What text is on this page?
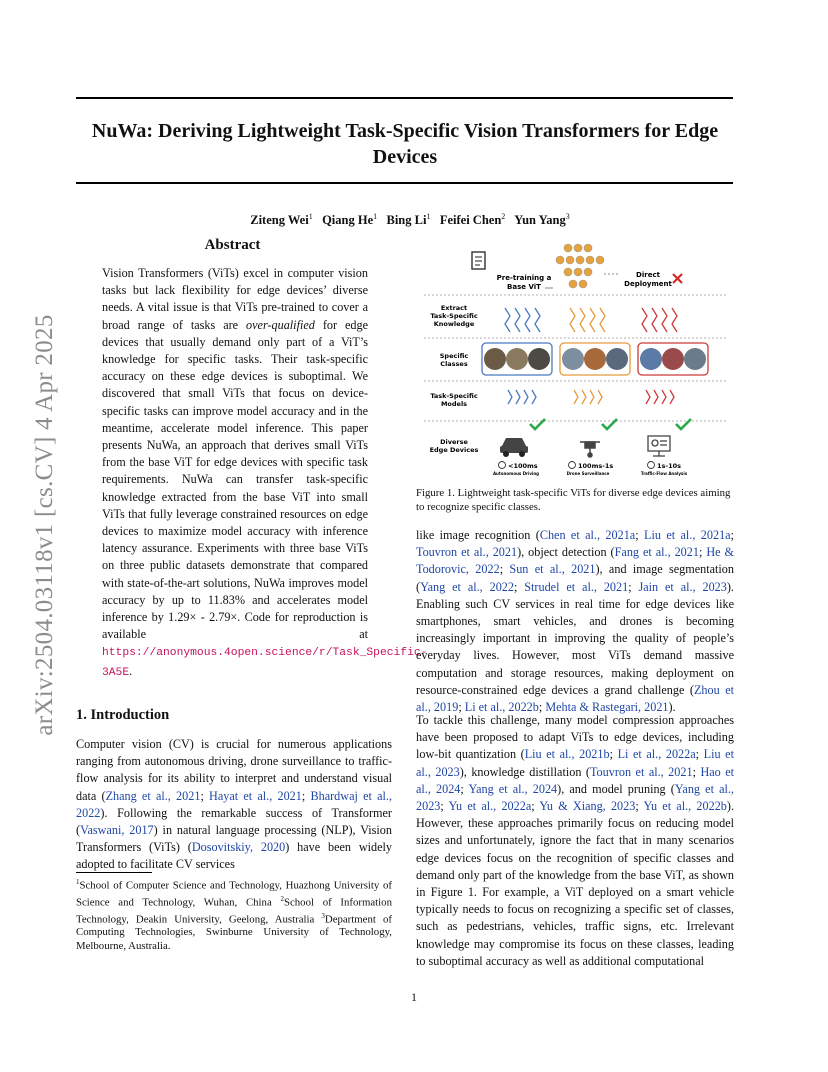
arXiv:2504.03118v1 [cs.CV] 4 Apr 2025
NuWa: Deriving Lightweight Task-Specific Vision Transformers for Edge Devices
Ziteng Wei$^1$ Qiang He$^1$ Bing Li$^1$ Feifei Chen$^2$ Yun Yang$^3$
Abstract
Vision Transformers (ViTs) excel in computer vision tasks but lack flexibility for edge devices’ diverse needs. A vital issue is that ViTs pre-trained to cover a broad range of tasks are over-qualified for edge devices that usually demand only part of a ViT’s knowledge for specific tasks. Their task-specific accuracy on these edge devices is suboptimal. We discovered that small ViTs that focus on device-specific tasks can improve model accuracy and in the meantime, accelerate model inference. This paper presents NuWa, an approach that derives small ViTs from the base ViT for edge devices with specific task requirements. NuWa can transfer task-specific knowledge extracted from the base ViT into small ViTs that fully leverage constrained resources on edge devices to maximize model accuracy with inference latency assurance. Experiments with three base ViTs on three public datasets demonstrate that compared with state-of-the-art solutions, NuWa improves model accuracy by up to 11.83% and accelerates model inference by 1.29× - 2.79×. Code for reproduction is available at https://anonymous.4open.science/r/Task_Specific-3A5E.
1. Introduction
Computer vision (CV) is crucial for numerous applications ranging from autonomous driving, drone surveillance to traffic-flow analysis for its ability to interpret and understand visual data (Zhang et al., 2021; Hayat et al., 2021; Bhardwaj et al., 2022). Following the remarkable success of Transformer (Vaswani, 2017) in natural language processing (NLP), Vision Transformers (ViTs) (Dosovitskiy, 2020) have been widely adopted to facilitate CV services
$^1$School of Computer Science and Technology, Huazhong University of Science and Technology, Wuhan, China $^2$School of Information Technology, Deakin University, Geelong, Australia $^3$Department of Computing Technologies, Swinburne University of Technology, Melbourne, Australia.
Pre-training a
Base ViT
Direct
Deployment
Extract
Task-Specific
Knowledge
Specific
Classes
Task-Specific
Models
Diverse
Edge Devices
<100ms	100ms-1s	1s-10s
Autonomous Driving	Drone Surveillance	Traffic-Flow Analysis
Figure 1. Lightweight task-specific ViTs for diverse edge devices aiming to recognize specific classes.
like image recognition (Chen et al., 2021a; Liu et al., 2021a; Touvron et al., 2021), object detection (Fang et al., 2021; He & Todorovic, 2022; Sun et al., 2021), and image segmentation (Yang et al., 2022; Strudel et al., 2021; Jain et al., 2023). Enabling such CV services in real time for edge devices like smartphones, smart vehicles, and drones is becoming increasingly important in improving the quality of people’s everyday lives. However, most ViTs demand massive computation and storage resources, making deployment on resource-constrained edge devices a grand challenge (Zhou et al., 2019; Li et al., 2022b; Mehta & Rastegari, 2021).
To tackle this challenge, many model compression approaches have been proposed to adapt ViTs to edge devices, including low-bit quantization (Liu et al., 2021b; Li et al., 2022a; Liu et al., 2023), knowledge distillation (Touvron et al., 2021; Hao et al., 2024; Yang et al., 2024), and model pruning (Yang et al., 2023; Yu et al., 2022a; Yu & Xiang, 2023; Yu et al., 2022b). However, these approaches primarily focus on reducing model sizes and unfortunately, ignore the fact that in many scenarios edge devices focus on the recognition of specific classes and demand only part of the knowledge from the base ViT, as shown in Figure 1. For example, a ViT deployed on a smart vehicle typically needs to focus on recognizing a specific set of classes, such as pedestrians, vehicles, traffic signs, etc. Irrelevant knowledge may compromise its focus on these classes, leading to suboptimal accuracy as well as additional computational
1
